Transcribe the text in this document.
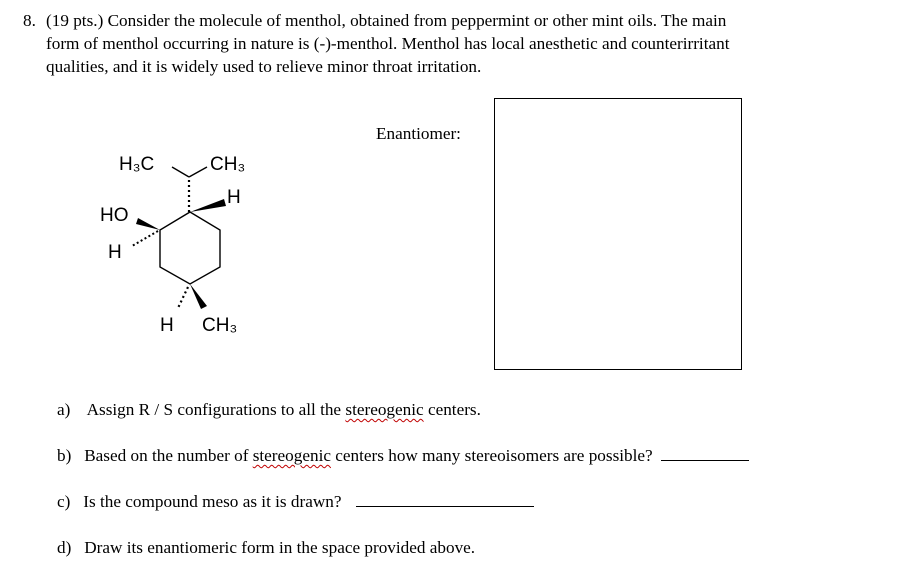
8. (19 pts.) Consider the molecule of menthol, obtained from peppermint or other mint oils. The main
form of menthol occurring in nature is (-)-menthol. Menthol has local anesthetic and counterirritant
qualities, and it is widely used to relieve minor throat irritation.
Enantiomer:
H₃C	CH₃
H
HO
H
H CH₃
a) Assign R / S configurations to all the stereogenic centers.
b) Based on the number of stereogenic centers how many stereoisomers are possible?
c) Is the compound meso as it is drawn?
d) Draw its enantiomeric form in the space provided above.
